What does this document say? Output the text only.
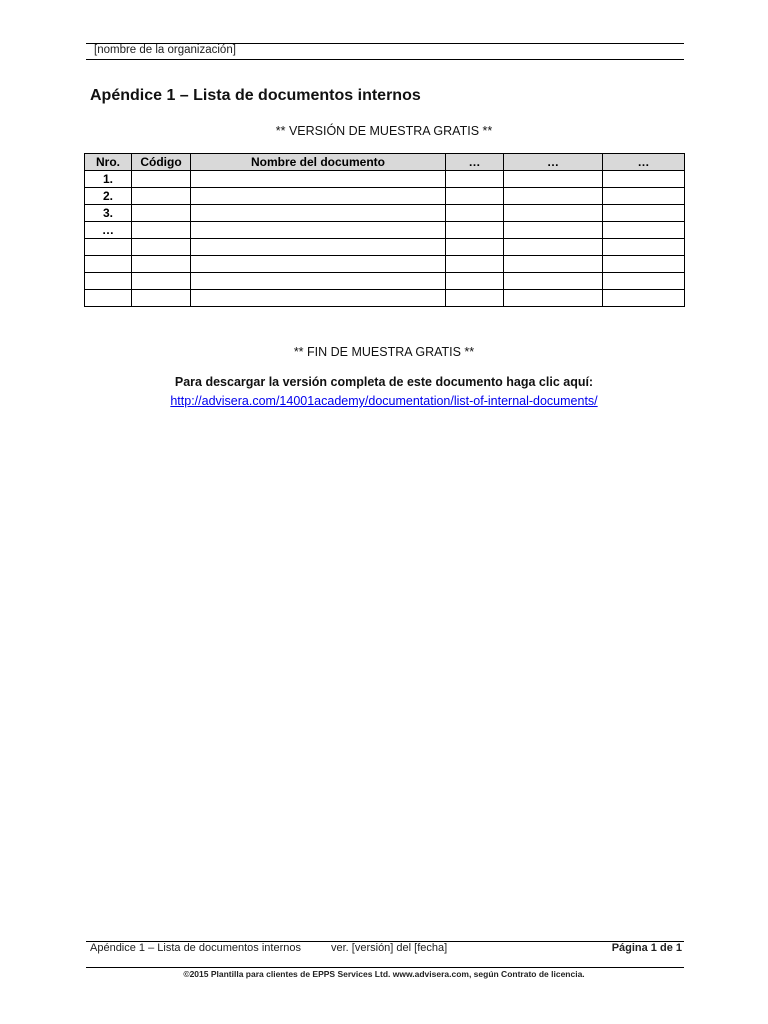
[nombre de la organización]
Apéndice 1 – Lista de documentos internos
** VERSIÓN DE MUESTRA GRATIS **
Nro.	Código	Nombre del documento	…	…	…
1.					
2.					
3.					
…					

** FIN DE MUESTRA GRATIS **
Para descargar la versión completa de este documento haga clic aquí:
http://advisera.com/14001academy/documentation/list-of-internal-documents/
Apéndice 1 – Lista de documentos internos	ver. [versión] del [fecha]	Página 1 de 1
©2015 Plantilla para clientes de EPPS Services Ltd. www.advisera.com, según Contrato de licencia.
